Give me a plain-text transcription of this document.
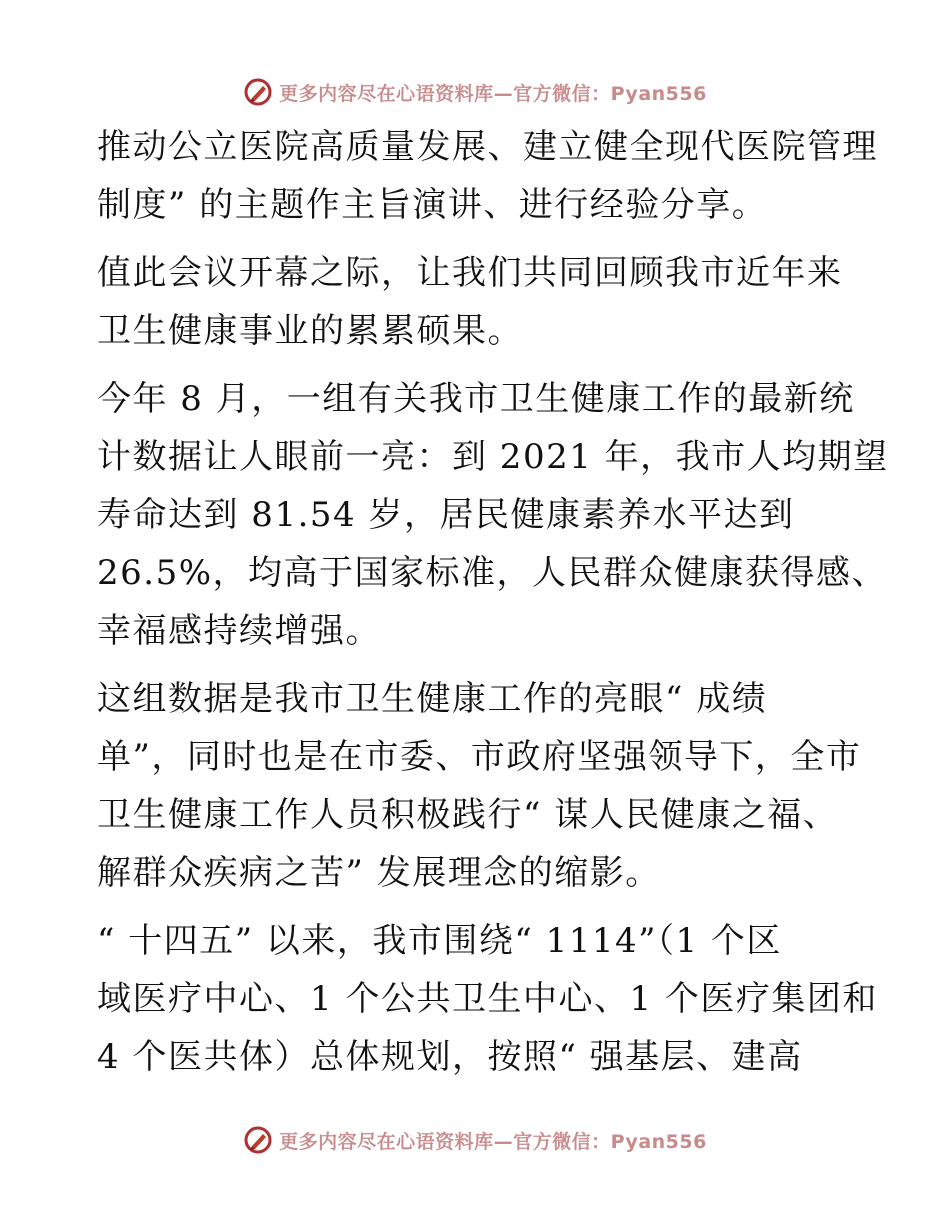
更多内容尽在心语资料库—官方微信：Pyan556

推动公立医院高质量发展、建立健全现代医院管理
制度” 的主题作主旨演讲、进行经验分享。

值此会议开幕之际，让我们共同回顾我市近年来
卫生健康事业的累累硕果。

今年 8 月，一组有关我市卫生健康工作的最新统
计数据让人眼前一亮：到 2021 年，我市人均期望
寿命达到 81.54 岁，居民健康素养水平达到
26.5%，均高于国家标准，人民群众健康获得感、
幸福感持续增强。

这组数据是我市卫生健康工作的亮眼“ 成绩
单”，同时也是在市委、市政府坚强领导下，全市
卫生健康工作人员积极践行“ 谋人民健康之福、
解群众疾病之苦” 发展理念的缩影。

“ 十四五” 以来，我市围绕“ 1114”（1 个区
域医疗中心、1 个公共卫生中心、1 个医疗集团和
4 个医共体）总体规划，按照“ 强基层、建高

更多内容尽在心语资料库—官方微信：Pyan556
